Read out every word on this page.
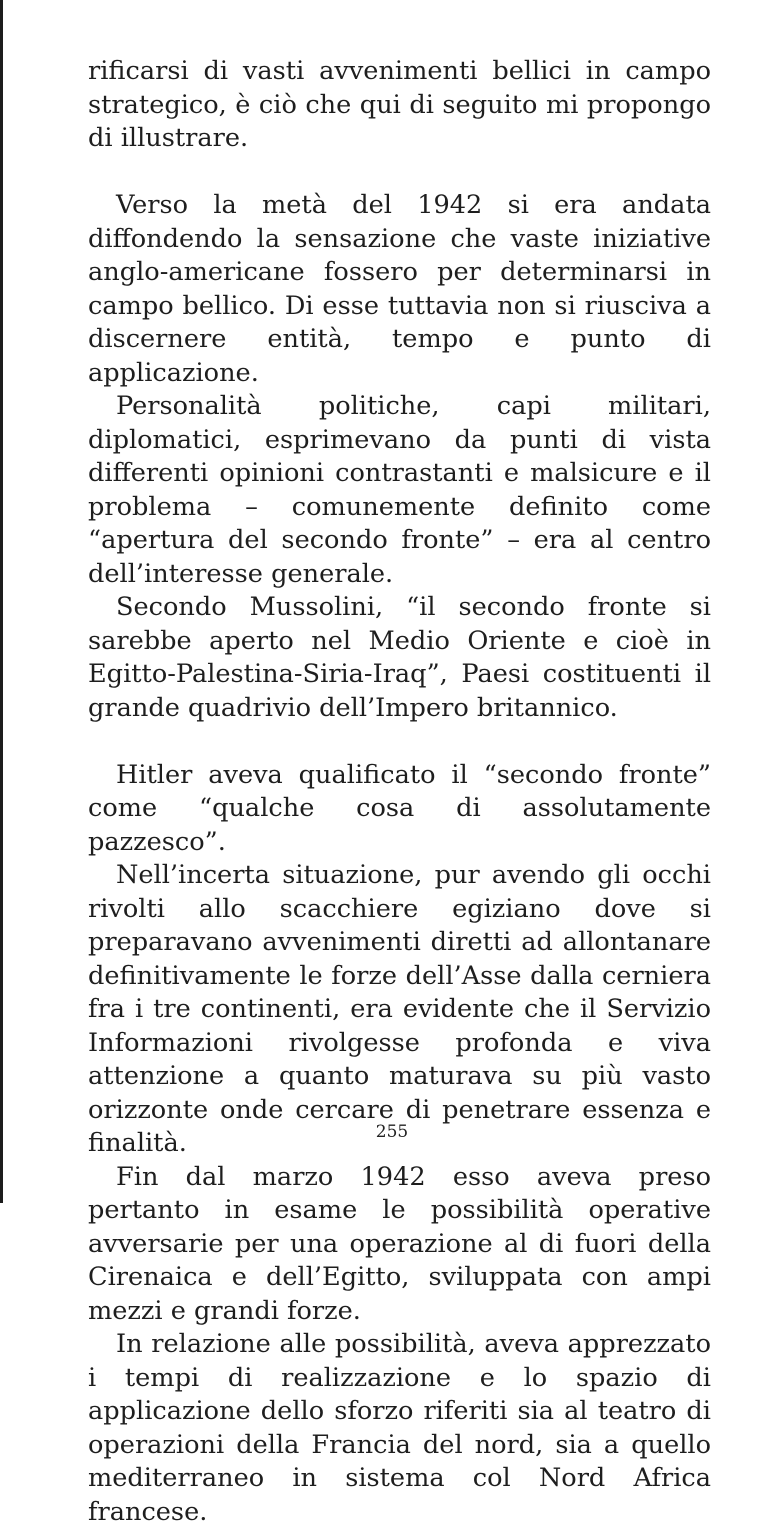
rificarsi di vasti avvenimenti bellici in campo strategico, è ciò che qui di seguito mi propongo di illustrare.

Verso la metà del 1942 si era andata diffondendo la sensazione che vaste iniziative anglo-americane fossero per determinarsi in campo bellico. Di esse tuttavia non si riusciva a discernere entità, tempo e punto di applicazione.

Personalità politiche, capi militari, diplomatici, esprimevano da punti di vista differenti opinioni contrastanti e malsicure e il problema – comunemente definito come “apertura del secondo fronte” – era al centro dell’interesse generale.

Secondo Mussolini, “il secondo fronte si sarebbe aperto nel Medio Oriente e cioè in Egitto-Palestina-Siria-Iraq”, Paesi costituenti il grande quadrivio dell’Impero britannico.

Hitler aveva qualificato il “secondo fronte” come “qualche cosa di assolutamente pazzesco”.

Nell’incerta situazione, pur avendo gli occhi rivolti allo scacchiere egiziano dove si preparavano avvenimenti diretti ad allontanare definitivamente le forze dell’Asse dalla cerniera fra i tre continenti, era evidente che il Servizio Informazioni rivolgesse profonda e viva attenzione a quanto maturava su più vasto orizzonte onde cercare di penetrare essenza e finalità.

Fin dal marzo 1942 esso aveva preso pertanto in esame le possibilità operative avversarie per una operazione al di fuori della Cirenaica e dell’Egitto, sviluppata con ampi mezzi e grandi forze.

In relazione alle possibilità, aveva apprezzato i tempi di realizzazione e lo spazio di applicazione dello sforzo riferiti sia al teatro di operazioni della Francia del nord, sia a quello mediterraneo in sistema col Nord Africa francese.

255
